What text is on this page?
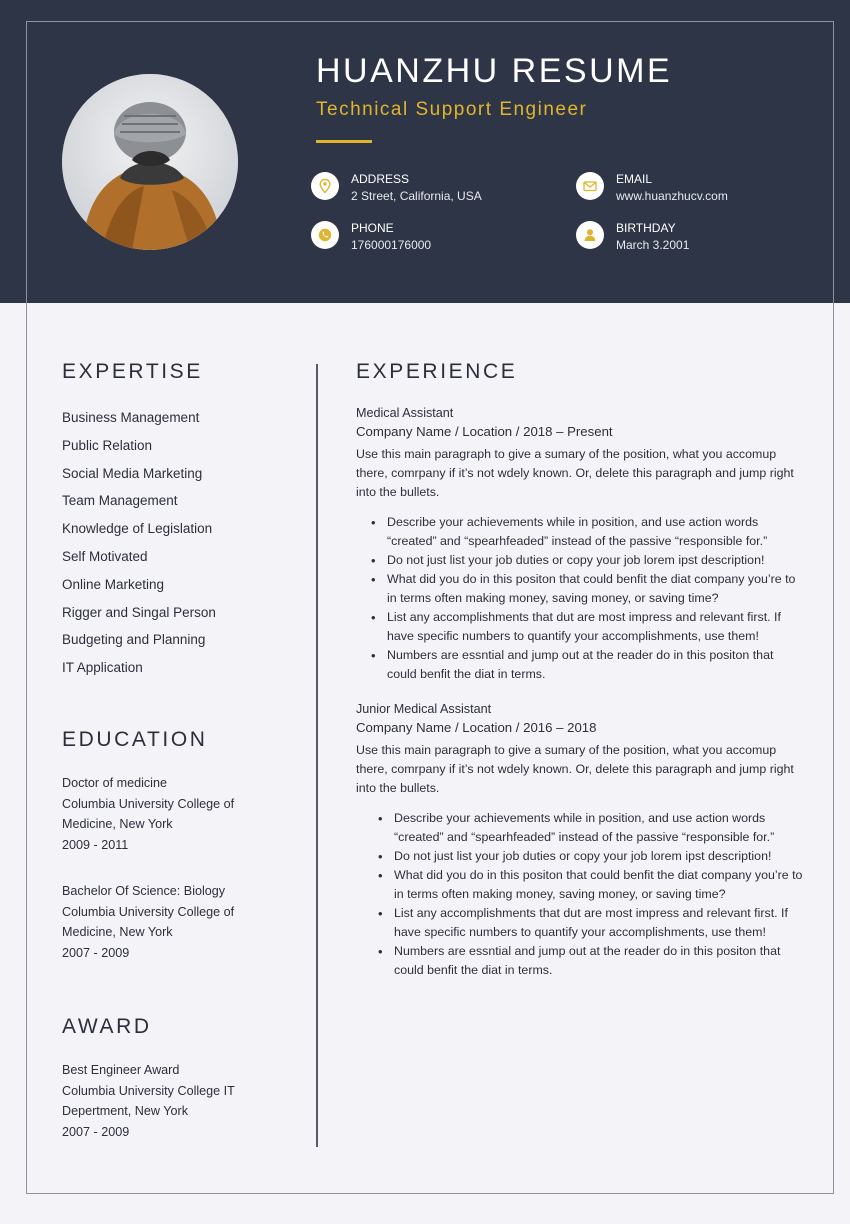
HUANZHU RESUME
Technical Support Engineer
ADDRESS
2 Street, California, USA
EMAIL
www.huanzhucv.com
PHONE
176000176000
BIRTHDAY
March 3.2001
EXPERTISE
Business Management
Public Relation
Social Media Marketing
Team Management
Knowledge of Legislation
Self Motivated
Online Marketing
Rigger and Singal Person
Budgeting and Planning
IT Application
EDUCATION
Doctor of medicine
Columbia University College of
Medicine, New York
2009 - 2011
Bachelor Of Science: Biology
Columbia University College of
Medicine, New York
2007 - 2009
AWARD
Best Engineer Award
Columbia University College IT
Depertment, New York
2007 - 2009
EXPERIENCE
Medical Assistant
Company Name / Location / 2018 – Present
Use this main paragraph to give a sumary of the position, what you accomup there, comrpany if it’s not wdely known. Or, delete this paragraph and jump right into the bullets.
• Describe your achievements while in position, and use action words “created” and “spearhfeaded” instead of the passive “responsible for.”
• Do not just list your job duties or copy your job lorem ipst description!
• What did you do in this positon that could benfit the diat company you’re to in terms often making money, saving money, or saving time?
• List any accomplishments that dut are most impress and relevant first. If have specific numbers to quantify your accomplishments, use them!
• Numbers are essntial and jump out at the reader do in this positon that could benfit the diat in terms.
Junior Medical Assistant
Company Name / Location / 2016 – 2018
Use this main paragraph to give a sumary of the position, what you accomup there, comrpany if it’s not wdely known. Or, delete this paragraph and jump right into the bullets.
• Describe your achievements while in position, and use action words “created” and “spearhfeaded” instead of the passive “responsible for.”
• Do not just list your job duties or copy your job lorem ipst description!
• What did you do in this positon that could benfit the diat company you’re to in terms often making money, saving money, or saving time?
• List any accomplishments that dut are most impress and relevant first. If have specific numbers to quantify your accomplishments, use them!
• Numbers are essntial and jump out at the reader do in this positon that could benfit the diat in terms.
